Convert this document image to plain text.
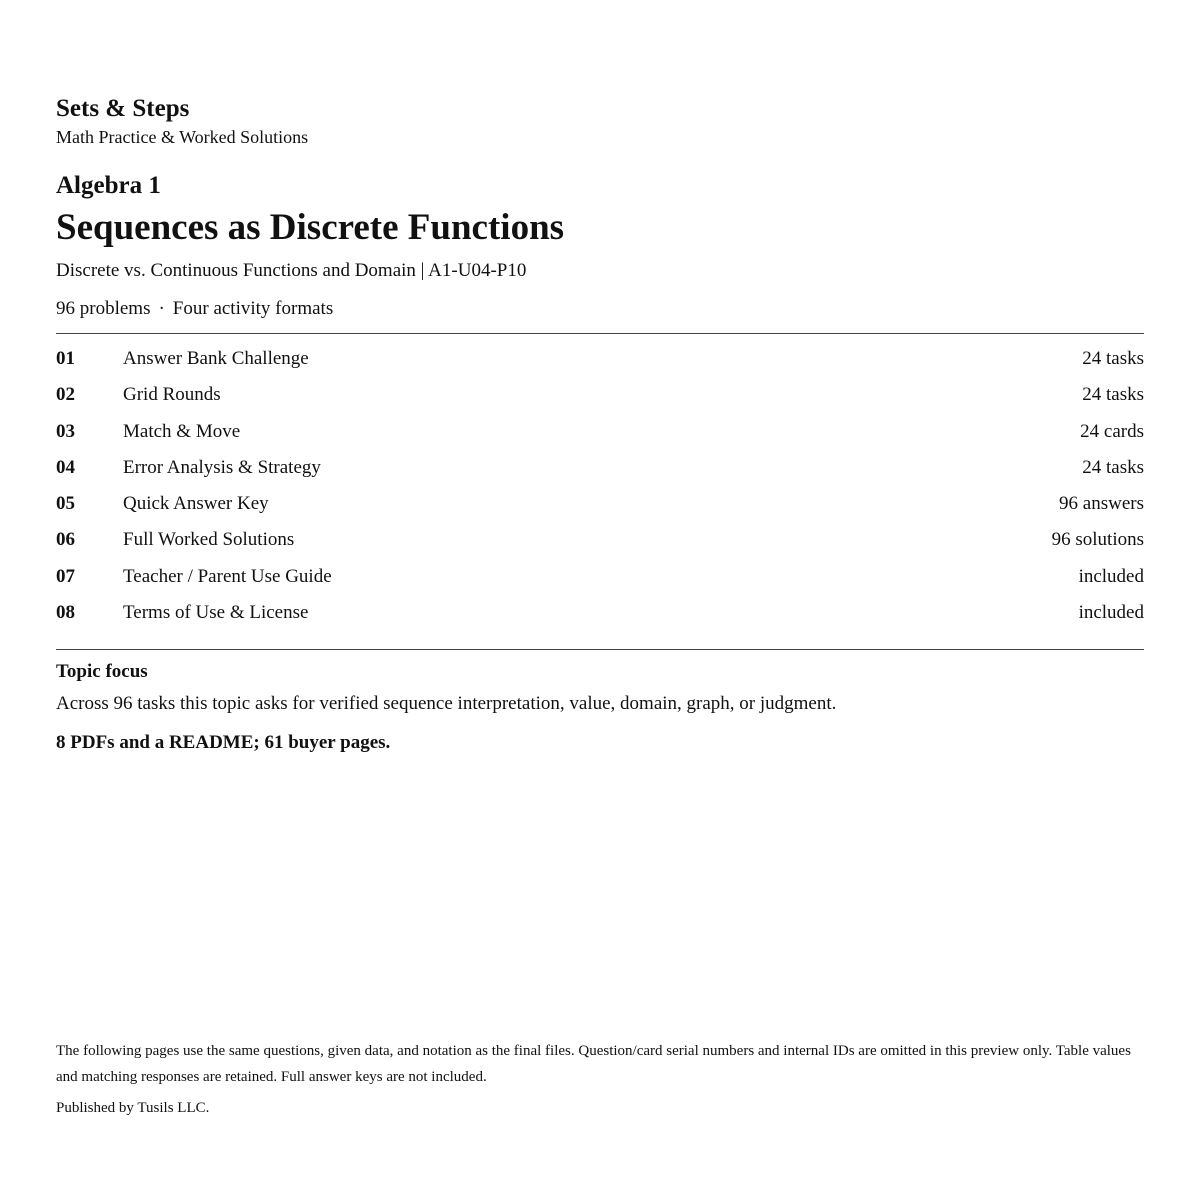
Sets & Steps
Math Practice & Worked Solutions
Algebra 1
Sequences as Discrete Functions
Discrete vs. Continuous Functions and Domain | A1-U04-P10
96 problems · Four activity formats
01	Answer Bank Challenge	24 tasks
02	Grid Rounds	24 tasks
03	Match & Move	24 cards
04	Error Analysis & Strategy	24 tasks
05	Quick Answer Key	96 answers
06	Full Worked Solutions	96 solutions
07	Teacher / Parent Use Guide	included
08	Terms of Use & License	included
Topic focus
Across 96 tasks this topic asks for verified sequence interpretation, value, domain, graph, or judgment.
8 PDFs and a README; 61 buyer pages.
The following pages use the same questions, given data, and notation as the final files. Question/card serial numbers and internal IDs are omitted in this preview only. Table values and matching responses are retained. Full answer keys are not included.
Published by Tusils LLC.
